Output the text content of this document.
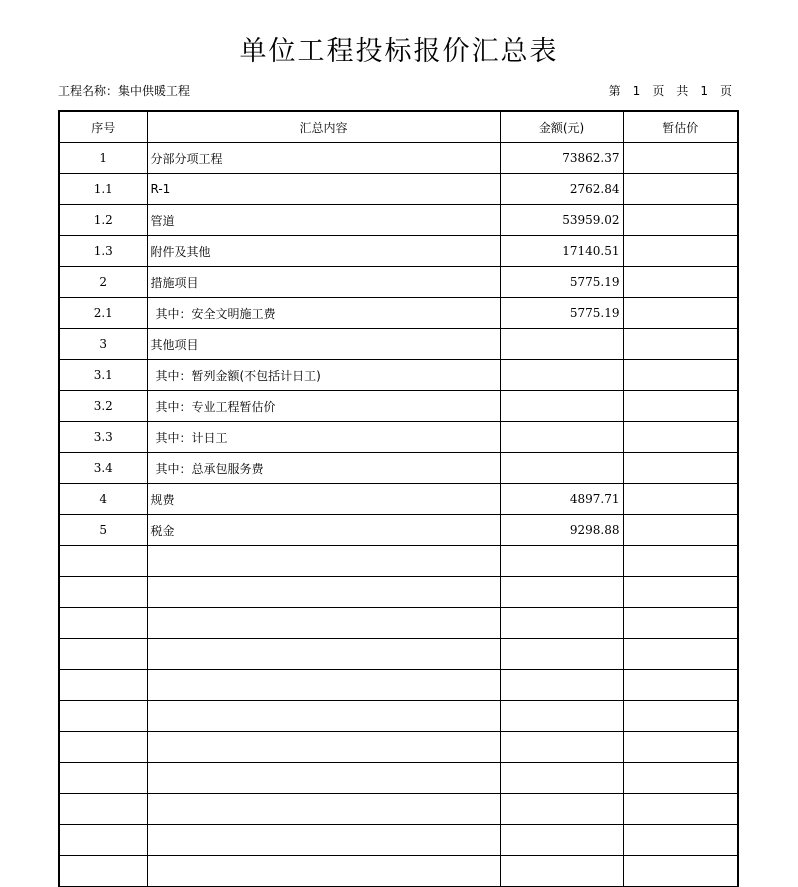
单位工程投标报价汇总表
工程名称：集中供暖工程	第 1 页 共 1 页
序号	汇总内容	金额(元)	暂估价
1	分部分项工程	73862.37	
1.1	R-1	2762.84	
1.2	管道	53959.02	
1.3	附件及其他	17140.51	
2	措施项目	5775.19	
2.1	其中：安全文明施工费	5775.19	
3	其他项目		
3.1	其中：暂列金额(不包括计日工)		
3.2	其中：专业工程暂估价		
3.3	其中：计日工		
3.4	其中：总承包服务费		
4	规费	4897.71	
5	税金	9298.88	
